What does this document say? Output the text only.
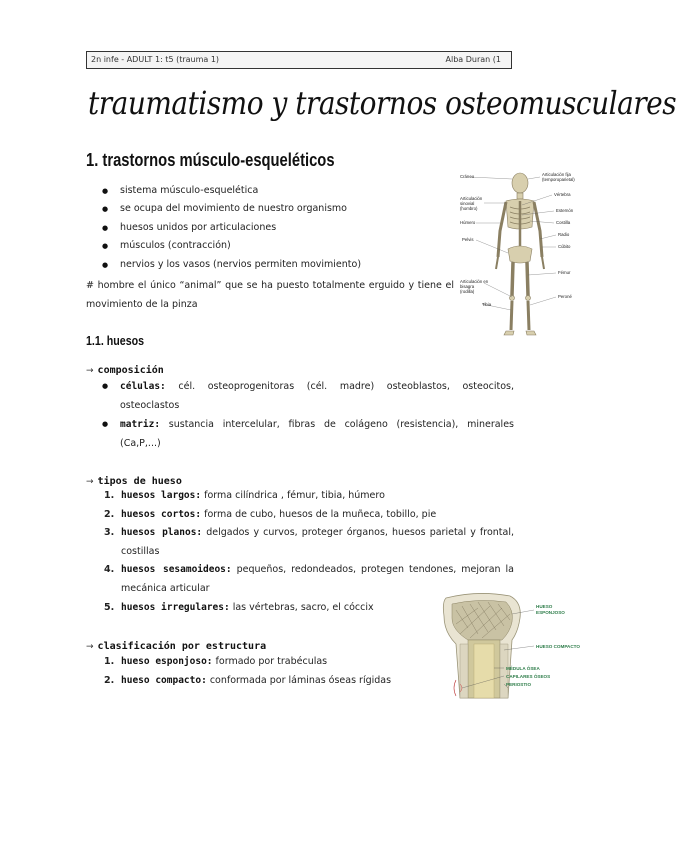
2n infe - ADULT 1: t5 (trauma 1)	Alba Duran (1
traumatismo y trastornos osteomusculares
1. trastornos músculo-esqueléticos
● sistema músculo-esquelética
● se ocupa del movimiento de nuestro organismo
● huesos unidos por articulaciones
● músculos (contracción)
● nervios y los vasos (nervios permiten movimiento)
# hombre el único “animal” que se ha puesto totalmente erguido y tiene el movimiento de la pinza
Cráneo	Articulación fija
(temporoparietal)
Vértebra
Articulación
sinovial
(hombro)	Esternón
Húmero	Costilla
Radio
Pelvis
Cúbito
Fémur
Articulación en
bisagra
(rodilla)
Peroné
Tibia
1.1. huesos
→ composición
● células: cél. osteoprogenitoras (cél. madre) osteoblastos, osteocitos, osteoclastos
● matriz: sustancia intercelular, fibras de colágeno (resistencia), minerales (Ca,P,...)
→ tipos de hueso
1. huesos largos: forma cilíndrica , fémur, tibia, húmero
2. huesos cortos: forma de cubo, huesos de la muñeca, tobillo, pie
3. huesos planos: delgados y curvos, proteger órganos, huesos parietal y frontal, costillas
4. huesos sesamoideos: pequeños, redondeados, protegen tendones, mejoran la mecánica articular
5. huesos irregulares: las vértebras, sacro, el cóccix	HUESO
ESPONJOSO
HUESO COMPACTO
MÉDULA ÓSEA
CAPILARES ÓSEOS
PERIOSTIO
→ clasificación por estructura
1. hueso esponjoso: formado por trabéculas
2. hueso compacto: conformada por láminas óseas rígidas
